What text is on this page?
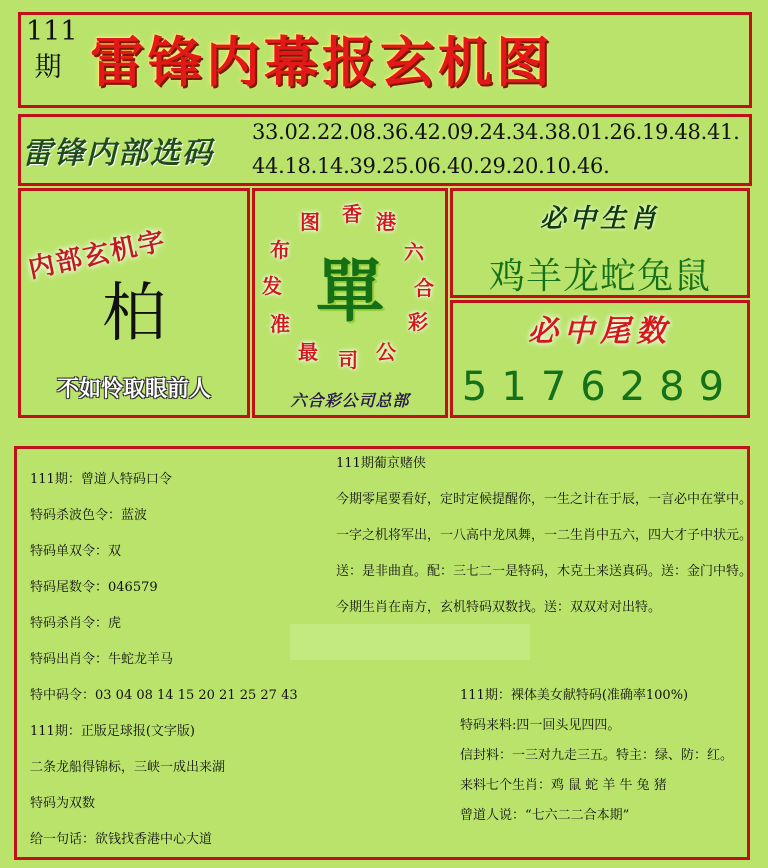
111期 雷锋内幕报玄机图
雷锋内部选码
33.02.22.08.36.42.09.24.34.38.01.26.19.48.41.
44.18.14.39.25.06.40.29.20.10.46.
内部玄机字
柏
不如怜取眼前人
香 港
六
合
彩
公
司
最
准
发
布
图
單
六合彩公司总部
必中生肖
鸡羊龙蛇兔鼠
必中尾数
5176289
111期：曾道人特码口令
特码杀波色令：蓝波
特码单双令：双
特码尾数令：046579
特码杀肖令：虎
特码出肖令：牛蛇龙羊马
特中码令：03 04 08 14 15 20 21 25 27 43
111期：正版足球报(文字版)
二条龙船得锦标，三峡一成出来湖
特码为双数
给一句话：欲钱找香港中心大道
111期葡京赌侠
今期零尾要看好，定时定候提醒你，一生之计在于辰，一言必中在掌中。
一字之机将军出，一八高中龙凤舞，一二生肖中五六，四大才子中状元。
送：是非曲直。配：三七二一是特码，木克土来送真码。送：金门中特。
今期生肖在南方，玄机特码双数找。送：双双对对出特。
111期：裸体美女献特码(准确率100%)
特码来料:四一回头见四四。
信封料：一三对九走三五。特主：绿、防：红。
来料七个生肖：鸡 鼠 蛇 羊 牛 兔 猪
曾道人说：“七六二二合本期”
